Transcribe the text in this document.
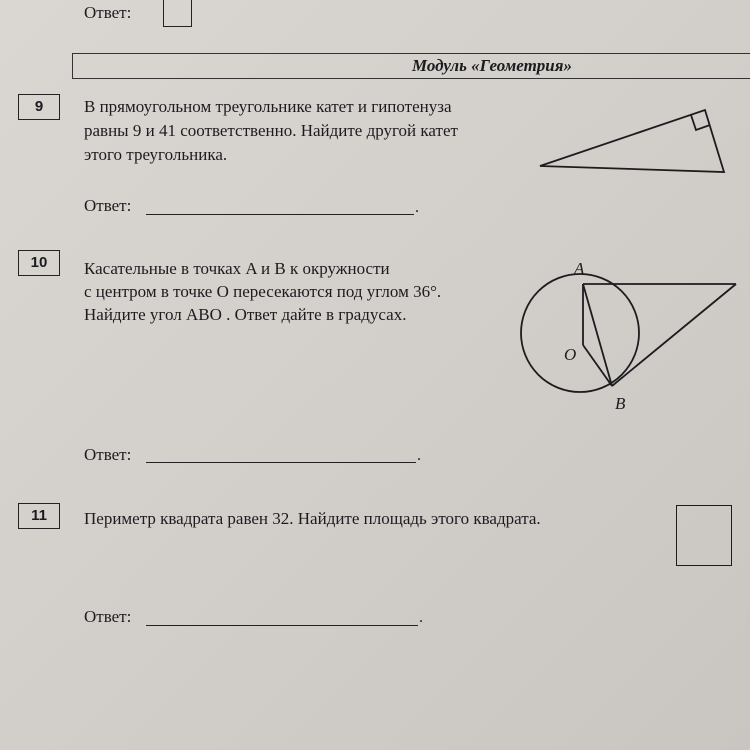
Ответ:
Модуль «Геометрия»
9	В прямоугольном треугольнике катет и гипотенуза
равны 9 и 41 соответственно. Найдите другой катет
этого треугольника.
Ответ:	.
10	Касательные в точках A и B к окружности
с центром в точке O пересекаются под углом 36°.
Найдите угол ABO . Ответ дайте в градусах.
A
O
B
Ответ:	.
11	Периметр квадрата равен 32. Найдите площадь этого квадрата.
Ответ:	.
